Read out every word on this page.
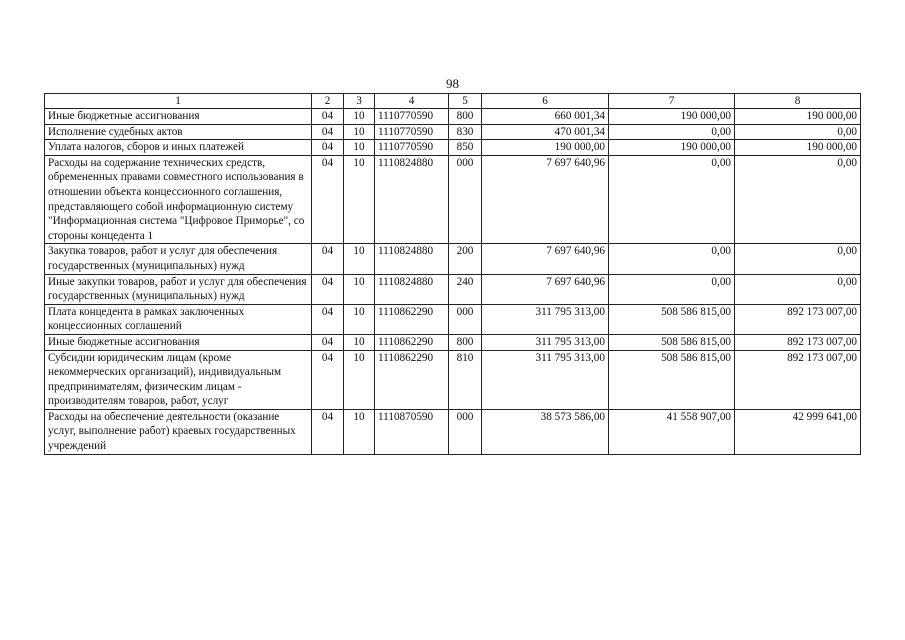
98
1	2	3	4	5	6	7	8
Иные бюджетные ассигнования	04	10	1110770590	800	660 001,34	190 000,00	190 000,00
Исполнение судебных актов	04	10	1110770590	830	470 001,34	0,00	0,00
Уплата налогов, сборов и иных платежей	04	10	1110770590	850	190 000,00	190 000,00	190 000,00
Расходы на содержание технических средств, обремененных правами совместного использования в отношении объекта концессионного соглашения, представляющего собой информационную систему "Информационная система "Цифровое Приморье", со стороны концедента 1	04	10	1110824880	000	7 697 640,96	0,00	0,00
Закупка товаров, работ и услуг для обеспечения государственных (муниципальных) нужд	04	10	1110824880	200	7 697 640,96	0,00	0,00
Иные закупки товаров, работ и услуг для обеспечения государственных (муниципальных) нужд	04	10	1110824880	240	7 697 640,96	0,00	0,00
Плата концедента в рамках заключенных концессионных соглашений	04	10	1110862290	000	311 795 313,00	508 586 815,00	892 173 007,00
Иные бюджетные ассигнования	04	10	1110862290	800	311 795 313,00	508 586 815,00	892 173 007,00
Субсидии юридическим лицам (кроме некоммерческих организаций), индивидуальным предпринимателям, физическим лицам - производителям товаров, работ, услуг	04	10	1110862290	810	311 795 313,00	508 586 815,00	892 173 007,00
Расходы на обеспечение деятельности (оказание услуг, выполнение работ) краевых государственных учреждений	04	10	1110870590	000	38 573 586,00	41 558 907,00	42 999 641,00
